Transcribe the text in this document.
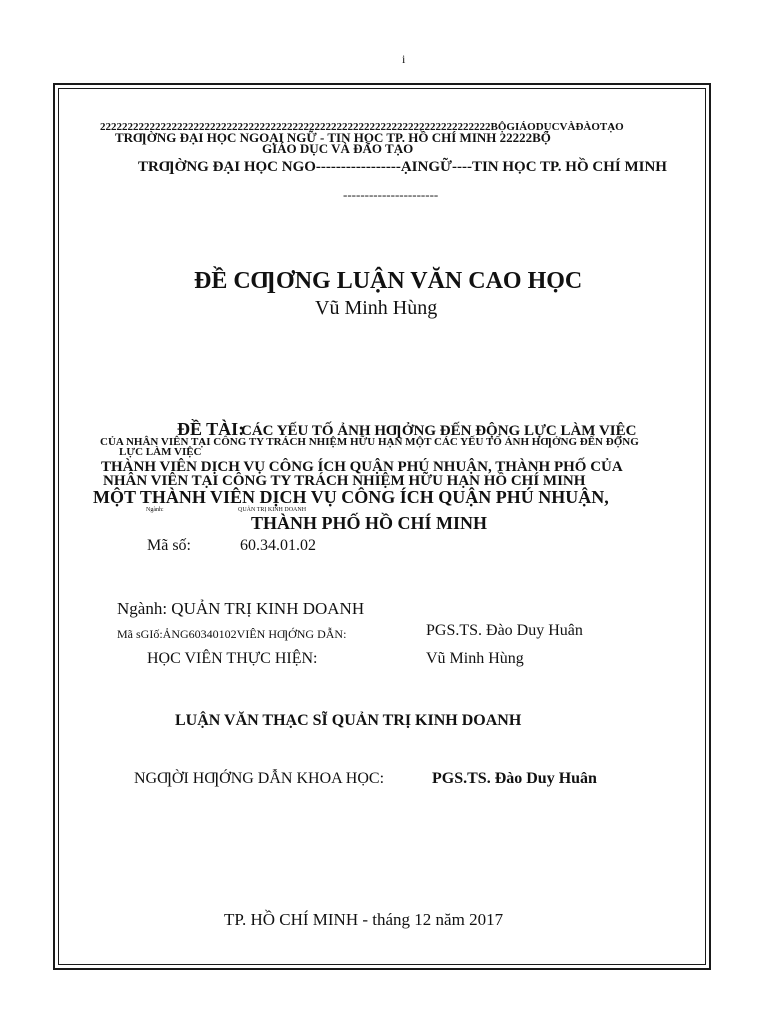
i
22222222222222222222222222222222222222222222222222222222222222222222222BỘGIÁODỤCVÀĐÀOTẠO
TRƢỜNG ĐẠI HỌC NGOẠI NGỮ - TIN HỌC TP. HỒ CHÍ MINH 22222BỘ
GIÁO DỤC VÀ ĐÀO TẠO
TRƢỜNG ĐẠI HỌC NGO-----------------ẠINGỮ----TIN HỌC TP. HỒ CHÍ MINH
----------------------
ĐỀ CƢƠNG LUẬN VĂN CAO HỌC
Vũ Minh Hùng
ĐỀ TÀI:
CÁC YẾU TỐ ẢNH HƢỞNG ĐẾN ĐỘNG LỰC LÀM VIỆC
CỦA NHÂN VIÊN TẠI CÔNG TY TRÁCH NHIỆM HỮU HẠN MỘT CÁC YẾU TỐ ẢNH HƢỞNG ĐẾN ĐỘNG
LỰC LÀM VIỆC
THÀNH VIÊN DỊCH VỤ CÔNG ÍCH QUẬN PHÚ NHUẬN, THÀNH PHỐ CỦA
NHÂN VIÊN TẠI CÔNG TY TRÁCH NHIỆM HỮU HẠN HỒ CHÍ MINH
MỘT THÀNH VIÊN DỊCH VỤ CÔNG ÍCH QUẬN PHÚ NHUẬN,
Ngành:	QUẢN TRỊ KINH DOANH
THÀNH PHỐ HỒ CHÍ MINH
Mã số:	60.34.01.02
Ngành: QUẢN TRỊ KINH DOANH
Mã sGIố:ẢNG60340102VIÊN HƢỚNG DẪN:	PGS.TS. Đào Duy Huân
HỌC VIÊN THỰC HIỆN:	Vũ Minh Hùng
LUẬN VĂN THẠC SĨ QUẢN TRỊ KINH DOANH
NGƢỜI HƢỚNG DẪN KHOA HỌC:	PGS.TS. Đào Duy Huân
TP. HỒ CHÍ MINH - tháng 12 năm 2017
